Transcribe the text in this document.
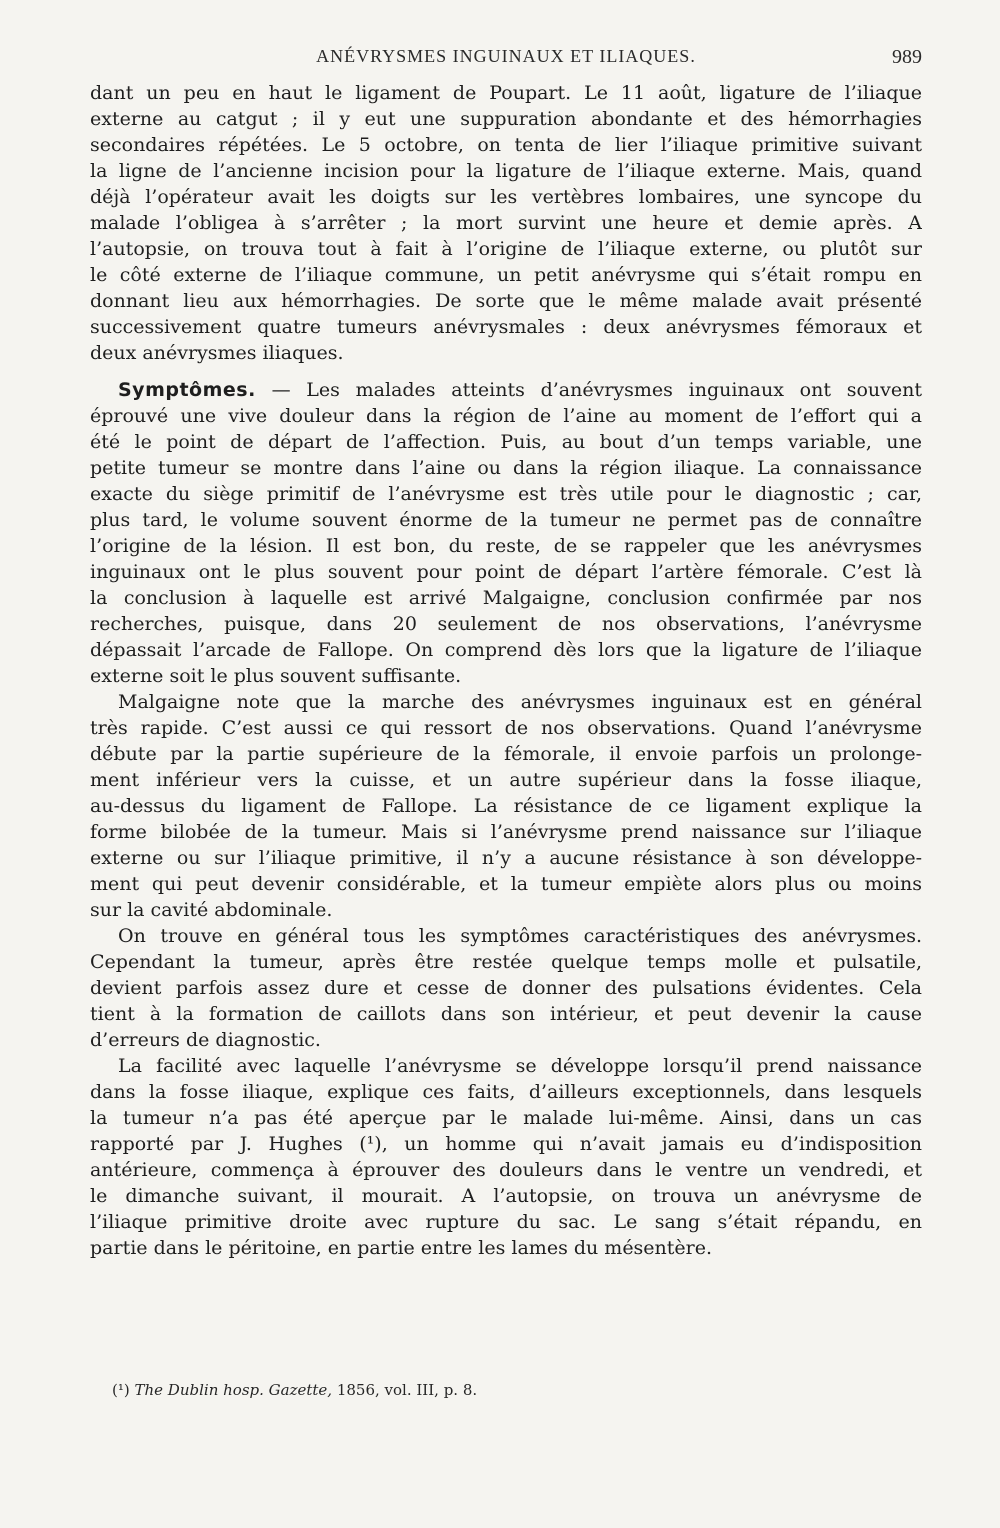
ANÉVRYSMES INGUINAUX ET ILIAQUES.	989
dant un peu en haut le ligament de Poupart. Le 11 août, ligature de l’iliaque
externe au catgut ; il y eut une suppuration abondante et des hémorrhagies
secondaires répétées. Le 5 octobre, on tenta de lier l’iliaque primitive suivant
la ligne de l’ancienne incision pour la ligature de l’iliaque externe. Mais, quand
déjà l’opérateur avait les doigts sur les vertèbres lombaires, une syncope du
malade l’obligea à s’arrêter ; la mort survint une heure et demie après. A
l’autopsie, on trouva tout à fait à l’origine de l’iliaque externe, ou plutôt sur
le côté externe de l’iliaque commune, un petit anévrysme qui s’était rompu en
donnant lieu aux hémorrhagies. De sorte que le même malade avait présenté
successivement quatre tumeurs anévrysmales : deux anévrysmes fémoraux et
deux anévrysmes iliaques.
Symptômes. — Les malades atteints d’anévrysmes inguinaux ont souvent
éprouvé une vive douleur dans la région de l’aine au moment de l’effort qui a
été le point de départ de l’affection. Puis, au bout d’un temps variable, une
petite tumeur se montre dans l’aine ou dans la région iliaque. La connaissance
exacte du siège primitif de l’anévrysme est très utile pour le diagnostic ; car,
plus tard, le volume souvent énorme de la tumeur ne permet pas de connaître
l’origine de la lésion. Il est bon, du reste, de se rappeler que les anévrysmes
inguinaux ont le plus souvent pour point de départ l’artère fémorale. C’est là
la conclusion à laquelle est arrivé Malgaigne, conclusion confirmée par nos
recherches, puisque, dans 20 seulement de nos observations, l’anévrysme
dépassait l’arcade de Fallope. On comprend dès lors que la ligature de l’iliaque
externe soit le plus souvent suffisante.
Malgaigne note que la marche des anévrysmes inguinaux est en général
très rapide. C’est aussi ce qui ressort de nos observations. Quand l’anévrysme
débute par la partie supérieure de la fémorale, il envoie parfois un prolonge-
ment inférieur vers la cuisse, et un autre supérieur dans la fosse iliaque,
au-dessus du ligament de Fallope. La résistance de ce ligament explique la
forme bilobée de la tumeur. Mais si l’anévrysme prend naissance sur l’iliaque
externe ou sur l’iliaque primitive, il n’y a aucune résistance à son développe-
ment qui peut devenir considérable, et la tumeur empiète alors plus ou moins
sur la cavité abdominale.
On trouve en général tous les symptômes caractéristiques des anévrysmes.
Cependant la tumeur, après être restée quelque temps molle et pulsatile,
devient parfois assez dure et cesse de donner des pulsations évidentes. Cela
tient à la formation de caillots dans son intérieur, et peut devenir la cause
d’erreurs de diagnostic.
La facilité avec laquelle l’anévrysme se développe lorsqu’il prend naissance
dans la fosse iliaque, explique ces faits, d’ailleurs exceptionnels, dans lesquels
la tumeur n’a pas été aperçue par le malade lui-même. Ainsi, dans un cas
rapporté par J. Hughes (¹), un homme qui n’avait jamais eu d’indisposition
antérieure, commença à éprouver des douleurs dans le ventre un vendredi, et
le dimanche suivant, il mourait. A l’autopsie, on trouva un anévrysme de
l’iliaque primitive droite avec rupture du sac. Le sang s’était répandu, en
partie dans le péritoine, en partie entre les lames du mésentère.
(¹) The Dublin hosp. Gazette, 1856, vol. III, p. 8.
